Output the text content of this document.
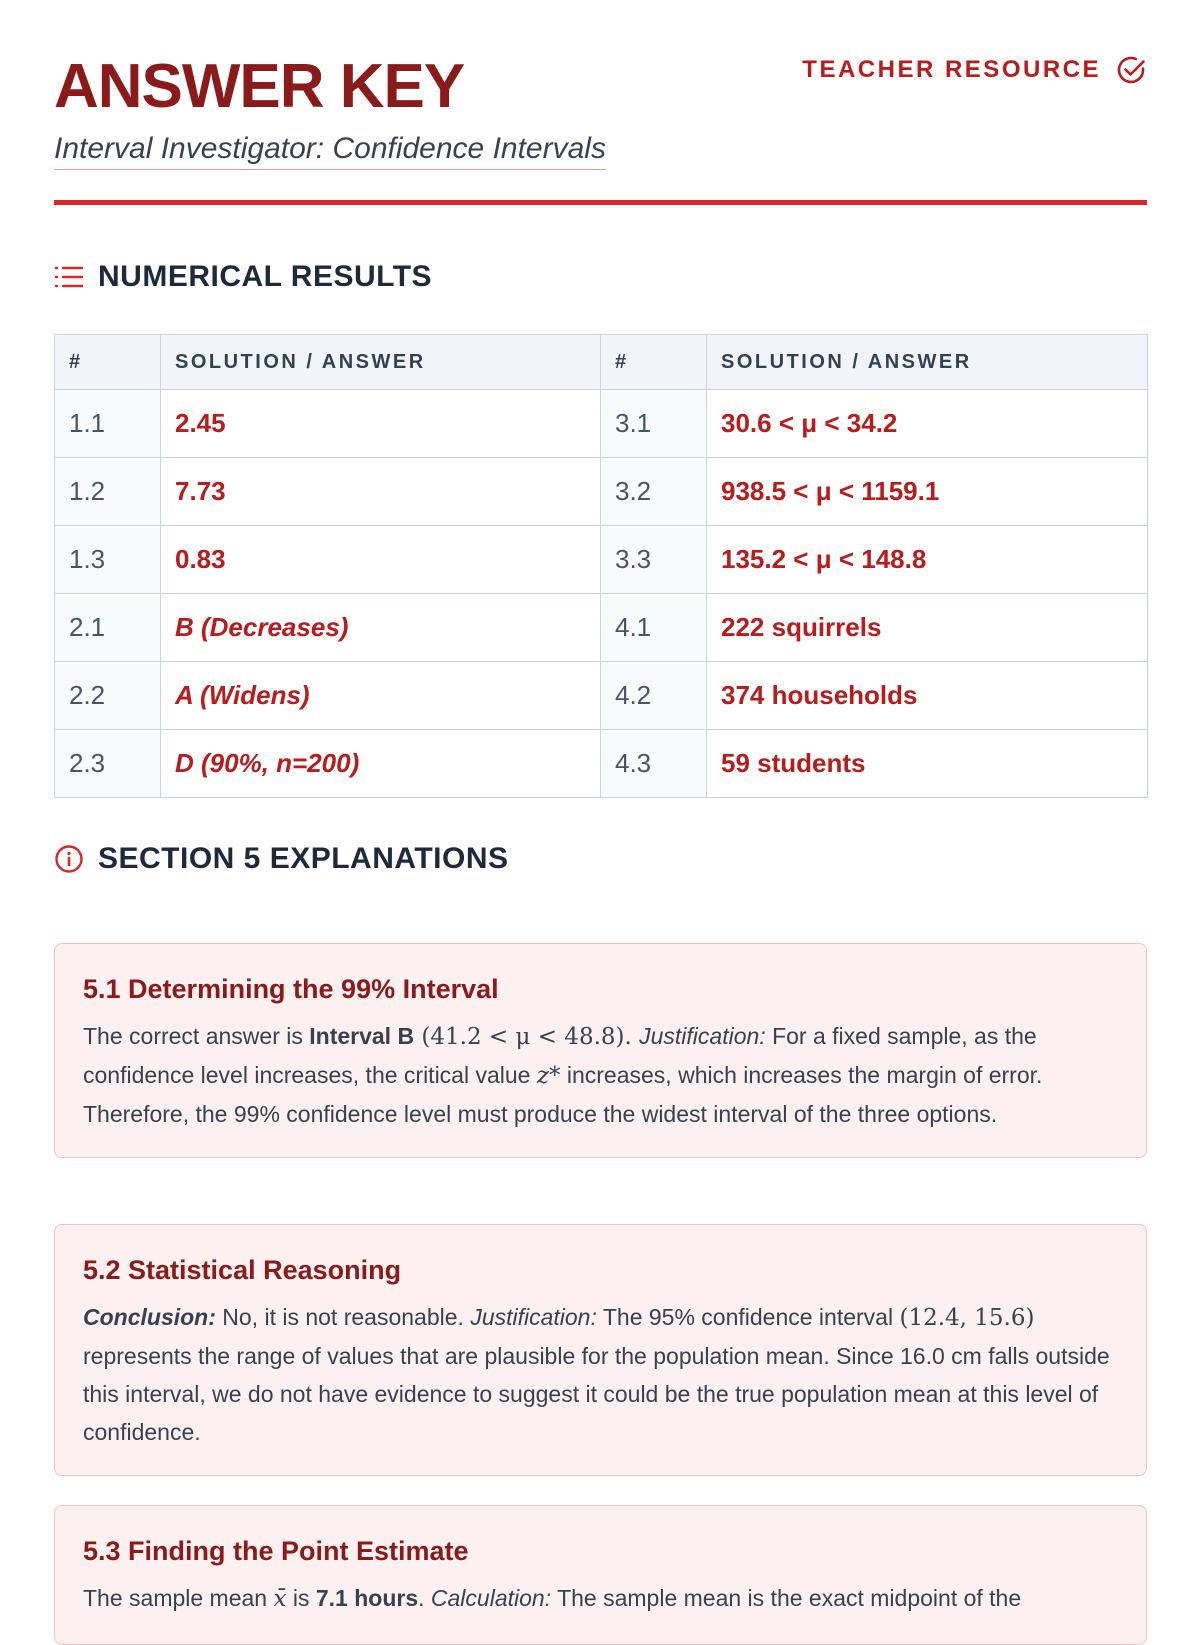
ANSWER KEY
Interval Investigator: Confidence Intervals
TEACHER RESOURCE
NUMERICAL RESULTS
#	SOLUTION / ANSWER	#	SOLUTION / ANSWER
1.1	2.45	3.1	30.6 < μ < 34.2
1.2	7.73	3.2	938.5 < μ < 1159.1
1.3	0.83	3.3	135.2 < μ < 148.8
2.1	B (Decreases)	4.1	222 squirrels
2.2	A (Widens)	4.2	374 households
2.3	D (90%, n=200)	4.3	59 students
SECTION 5 EXPLANATIONS
5.1 Determining the 99% Interval

The correct answer is Interval B (41.2 < μ < 48.8). Justification: For a fixed sample, as the confidence level increases, the critical value z* increases, which increases the margin of error. Therefore, the 99% confidence level must produce the widest interval of the three options.

5.2 Statistical Reasoning

Conclusion: No, it is not reasonable. Justification: The 95% confidence interval (12.4, 15.6) represents the range of values that are plausible for the population mean. Since 16.0 cm falls outside this interval, we do not have evidence to suggest it could be the true population mean at this level of confidence.

5.3 Finding the Point Estimate

The sample mean x̄ is 7.1 hours. Calculation: The sample mean is the exact midpoint of the
